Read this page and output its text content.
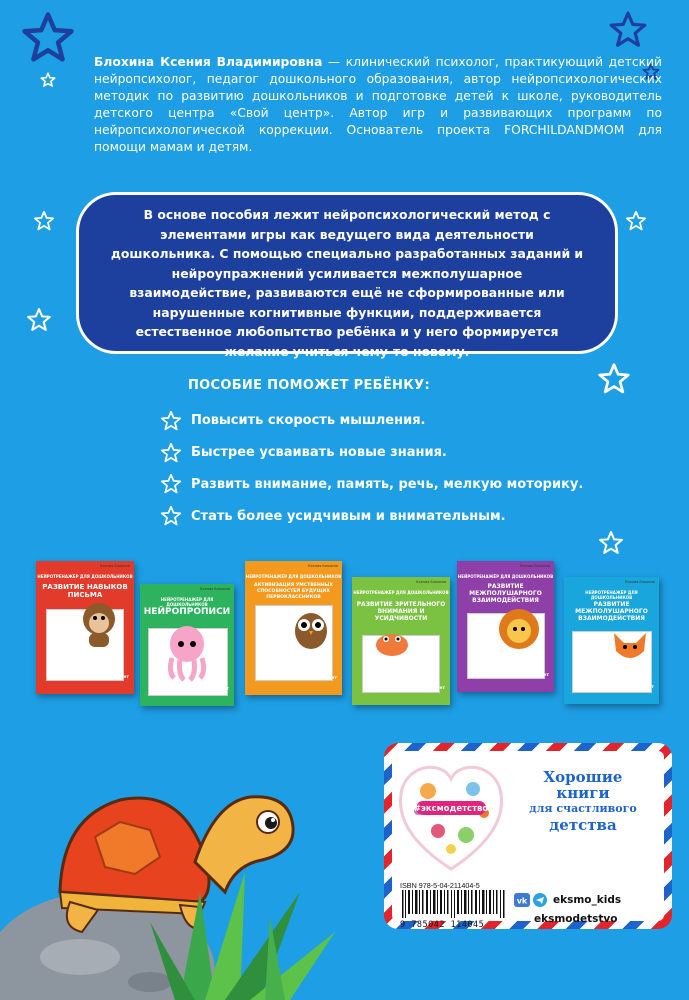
Блохина Ксения Владимировна — клинический психолог, практикующий детский нейропсихолог, педагог дошкольного образования, автор нейропсихологических методик по развитию дошкольников и подготовке детей к школе, руководитель детского центра «Свой центр». Автор игр и развивающих программ по нейропсихологической коррекции. Основатель проекта FORCHILDANDMOM для помощи мамам и детям.

В основе пособия лежит нейропсихологический метод с элементами игры как ведущего вида деятельности дошкольника. С помощью специально разработанных заданий и нейроупражнений усиливается межполушарное взаимодействие, развиваются ещё не сформированные или нарушенные когнитивные функции, поддерживается естественное любопытство ребёнка и у него формируется желание учиться чему-то новому.

ПОСОБИЕ ПОМОЖЕТ РЕБЁНКУ:
Повысить скорость мышления.
Быстрее усваивать новые знания.
Развить внимание, память, речь, мелкую моторику.
Стать более усидчивым и внимательным.
Ксения Блохина
НЕЙРОТРЕНАЖЁР ДЛЯ ДОШКОЛЬНИКОВ
РАЗВИТИЕ НАВЫКОВ ПИСЬМА
для детей 4–6 лет
Ксения Блохина
НЕЙРОТРЕНАЖЁР ДЛЯ ДОШКОЛЬНИКОВ
НЕЙРОПРОПИСИ
для детей 5–8 лет
Ксения Блохина
НЕЙРОТРЕНАЖЁР ДЛЯ ДОШКОЛЬНИКОВ
АКТИВИЗАЦИЯ УМСТВЕННЫХ СПОСОБНОСТЕЙ БУДУЩИХ ПЕРВОКЛАССНИКОВ
для детей 6–7 лет
Ксения Блохина
НЕЙРОТРЕНАЖЁР ДЛЯ ДОШКОЛЬНИКОВ
РАЗВИТИЕ ЗРИТЕЛЬНОГО ВНИМАНИЯ И УСИДЧИВОСТИ
для детей 4–6 лет
Ксения Блохина
НЕЙРОТРЕНАЖЁР ДЛЯ ДОШКОЛЬНИКОВ
РАЗВИТИЕ МЕЖПОЛУШАРНОГО ВЗАИМОДЕЙСТВИЯ
для детей 4–5 лет
Ксения Блохина
НЕЙРОТРЕНАЖЁР ДЛЯ ДОШКОЛЬНИКОВ
РАЗВИТИЕ МЕЖПОЛУШАРНОГО ВЗАИМОДЕЙСТВИЯ
для детей 3–4 лет
#эксмодетство
Хорошие
книги
для счастливого
детства
ISBN 978-5-04-211404-5
9 785042 114045
vk eksmo_kids
eksmodetstvo
